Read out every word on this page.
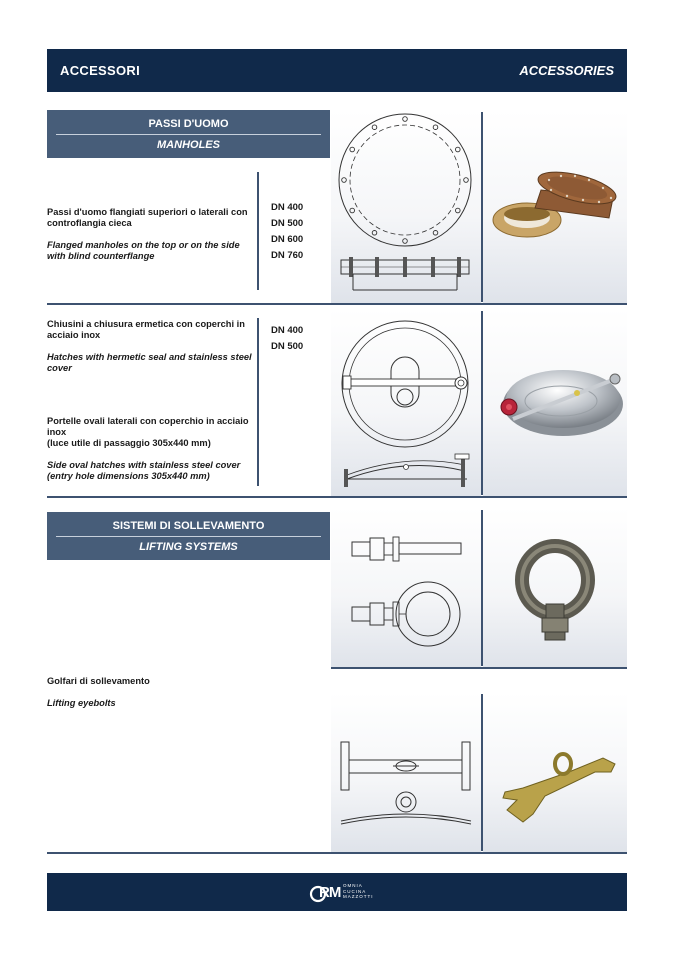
ACCESSORI	ACCESSORIES
PASSI D'UOMO
MANHOLES

Passi d'uomo flangiati superiori o laterali con controflangia cieca

Flanged manholes on the top or on the side with blind counterflange

DN 400
DN 500
DN 600
DN 760

Chiusini a chiusura ermetica con coperchi in acciaio inox

Hatches with hermetic seal and stainless steel cover

Portelle ovali laterali con coperchio in acciaio inox

(luce utile di passaggio 305x440 mm)

Side oval hatches with stainless steel cover (entry hole dimensions 305x440 mm)

DN 400
DN 500
SISTEMI DI SOLLEVAMENTO
LIFTING SYSTEMS

Golfari di sollevamento

Lifting eyebolts

RM OMNIA
CUCINA
MAZZOTTI
